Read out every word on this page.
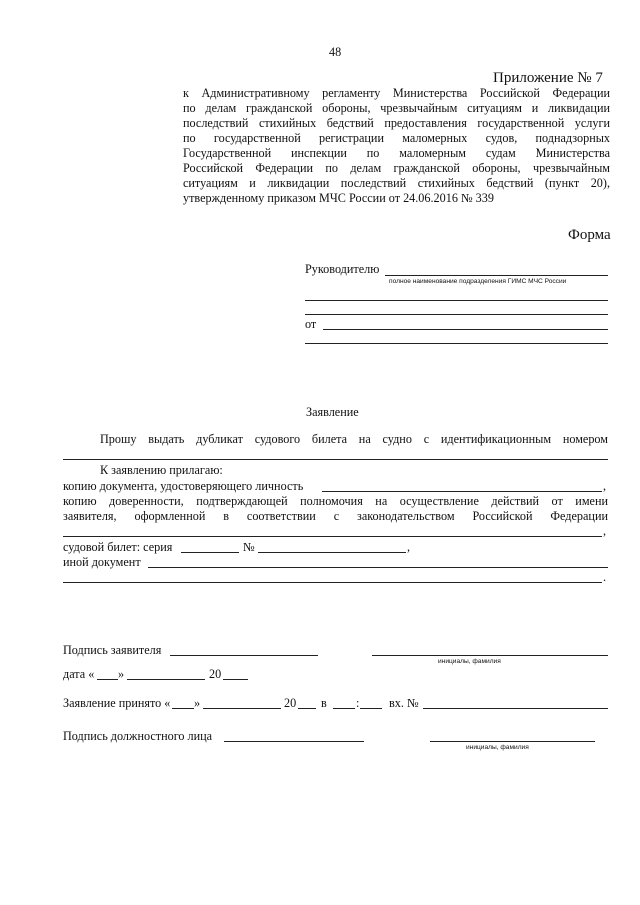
48
Приложение № 7
к Административному регламенту Министерства Российской Федерации
по делам гражданской обороны, чрезвычайным ситуациям и ликвидации
последствий стихийных бедствий предоставления государственной услуги
по государственной регистрации маломерных судов, поднадзорных
Государственной инспекции по маломерным судам Министерства
Российской Федерации по делам гражданской обороны, чрезвычайным
ситуациям и ликвидации последствий стихийных бедствий (пункт 20),
утвержденному приказом МЧС России от 24.06.2016 № 339
Форма
Руководителю
полное наименование подразделения ГИМС МЧС России
от
Заявление
Прошу выдать дубликат судового билета на судно с идентификационным номером
К заявлению прилагаю:
копию документа, удостоверяющего личность	,
копию доверенности, подтверждающей полномочия на осуществление действий от имени
заявителя, оформленной в соответствии с законодательством Российской Федерации
,
судовой билет: серия	№	,
иной документ
.
Подпись заявителя
инициалы, фамилия
дата « »	20
Заявление принято « »	20 в : вх. №
Подпись должностного лица
инициалы, фамилия
